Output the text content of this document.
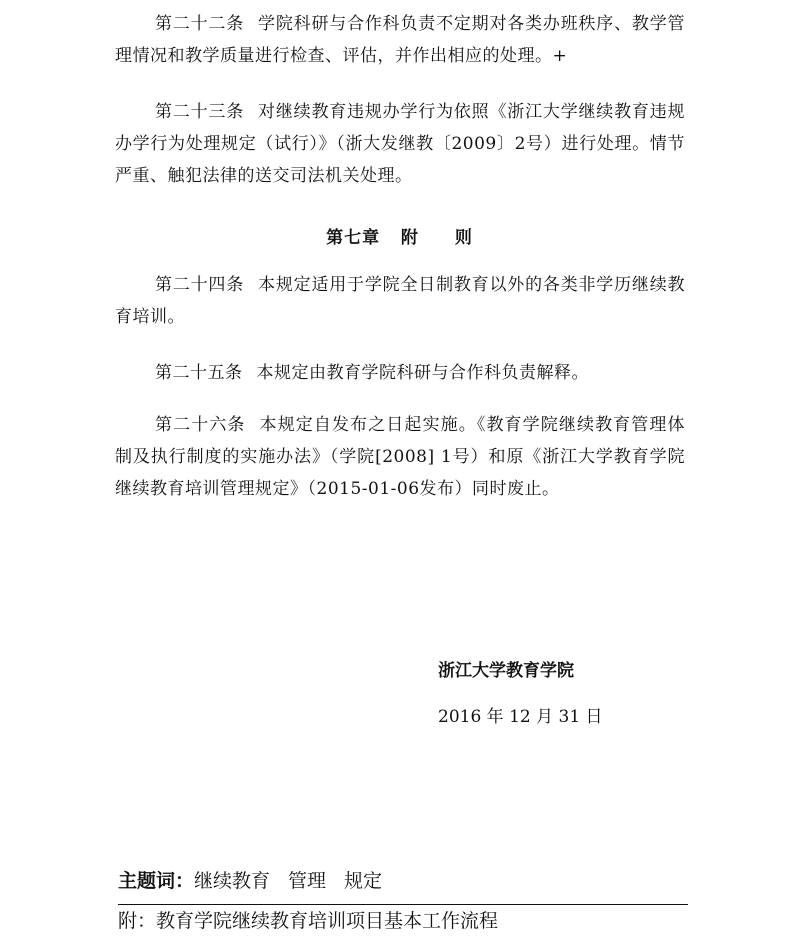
第二十二条 学院科研与合作科负责不定期对各类办班秩序、教学管理情况和教学质量进行检查、评估，并作出相应的处理。+

第二十三条 对继续教育违规办学行为依照《浙江大学继续教育违规办学行为处理规定（试行）》（浙大发继教〔2009〕2号）进行处理。情节严重、触犯法律的送交司法机关处理。

第七章 附　　则

第二十四条 本规定适用于学院全日制教育以外的各类非学历继续教育培训。

第二十五条 本规定由教育学院科研与合作科负责解释。

第二十六条 本规定自发布之日起实施。《教育学院继续教育管理体制及执行制度的实施办法》（学院[2008] 1号）和原《浙江大学教育学院继续教育培训管理规定》（2015-01-06发布）同时废止。

浙江大学教育学院

2016 年 12 月 31 日

主题词：继续教育 管理 规定

附：教育学院继续教育培训项目基本工作流程
